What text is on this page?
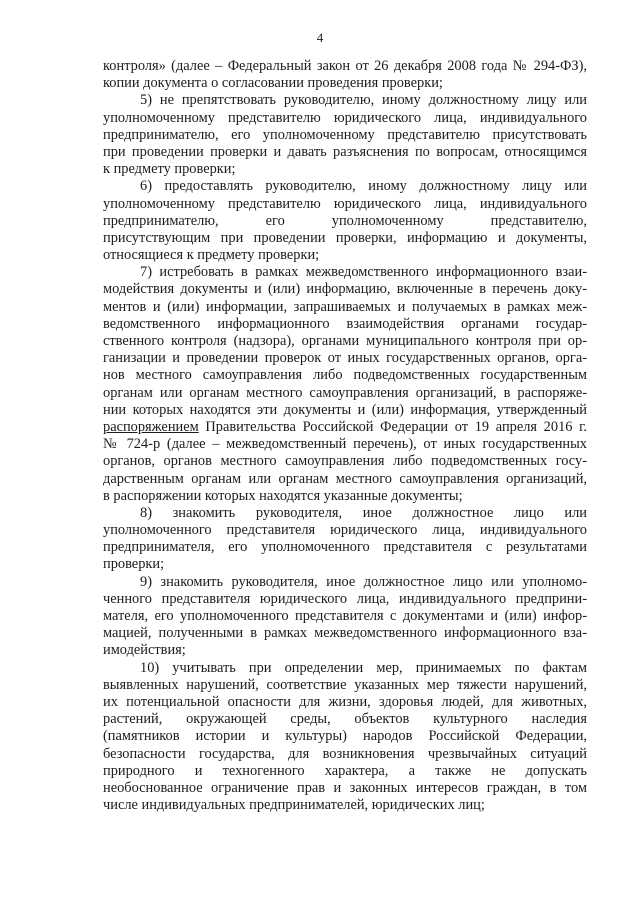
4
контроля» (далее – Федеральный закон от 26 декабря 2008 года № 294-ФЗ),
копии документа о согласовании проведения проверки;
5) не препятствовать руководителю, иному должностному лицу или
уполномоченному представителю юридического лица, индивидуального
предпринимателю, его уполномоченному представителю присутствовать
при проведении проверки и давать разъяснения по вопросам, относящимся
к предмету проверки;
6) предоставлять руководителю, иному должностному лицу или
уполномоченному представителю юридического лица, индивидуального
предпринимателю, его уполномоченному представителю,
присутствующим при проведении проверки, информацию и документы,
относящиеся к предмету проверки;
7) истребовать в рамках межведомственного информационного взаи-
модействия документы и (или) информацию, включенные в перечень доку-
ментов и (или) информации, запрашиваемых и получаемых в рамках меж-
ведомственного информационного взаимодействия органами государ-
ственного контроля (надзора), органами муниципального контроля при ор-
ганизации и проведении проверок от иных государственных органов, орга-
нов местного самоуправления либо подведомственных государственным
органам или органам местного самоуправления организаций, в распоряже-
нии которых находятся эти документы и (или) информация, утвержденный
распоряжением Правительства Российской Федерации от 19 апреля 2016 г.
№ 724-р (далее – межведомственный перечень), от иных государственных
органов, органов местного самоуправления либо подведомственных госу-
дарственным органам или органам местного самоуправления организаций,
в распоряжении которых находятся указанные документы;
8) знакомить руководителя, иное должностное лицо или
уполномоченного представителя юридического лица, индивидуального
предпринимателя, его уполномоченного представителя с результатами
проверки;
9) знакомить руководителя, иное должностное лицо или уполномо-
ченного представителя юридического лица, индивидуального предприни-
мателя, его уполномоченного представителя с документами и (или) инфор-
мацией, полученными в рамках межведомственного информационного вза-
имодействия;
10) учитывать при определении мер, принимаемых по фактам
выявленных нарушений, соответствие указанных мер тяжести нарушений,
их потенциальной опасности для жизни, здоровья людей, для животных,
растений, окружающей среды, объектов культурного наследия
(памятников истории и культуры) народов Российской Федерации,
безопасности государства, для возникновения чрезвычайных ситуаций
природного и техногенного характера, а также не допускать
необоснованное ограничение прав и законных интересов граждан, в том
числе индивидуальных предпринимателей, юридических лиц;
